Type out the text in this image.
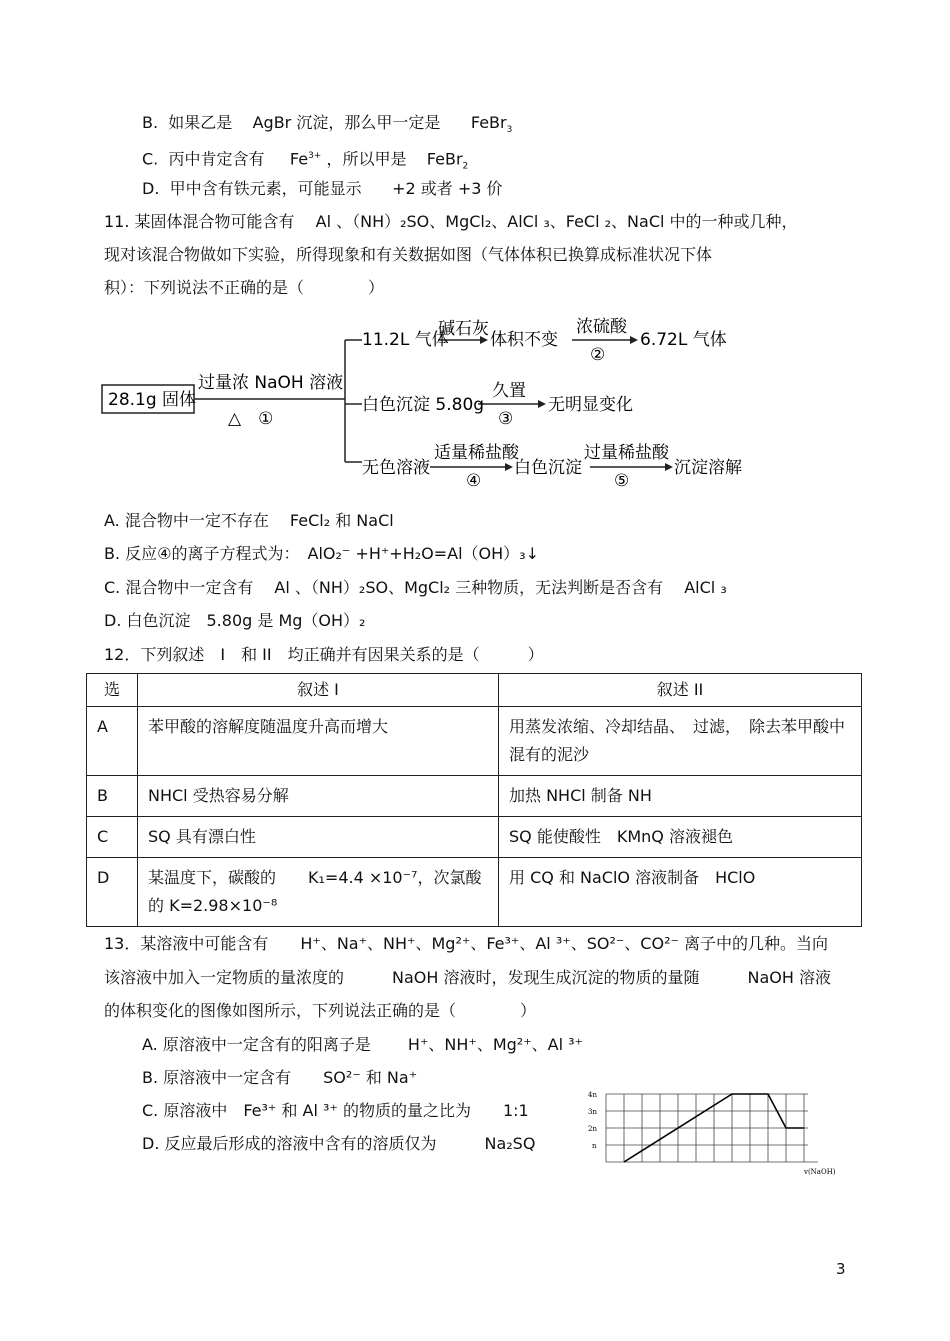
B. 如果乙是 AgBr 沉淀，那么甲一定是 FeBr$_3$
C. 丙中肯定含有 $Fe^{3+}$ ，所以甲是 FeBr$_2$
D. 甲中含有铁元素，可能显示 +2 或者 +3 价
11. 某固体混合物可能含有　 Al 、（NH）₂SO、MgCl₂、AlCl ₃、FeCl ₂、NaCl 中的一种或几种，
现对该混合物做如下实验，所得现象和有关数据如图（气体体积已换算成标准状况下体
积）：下列说法不正确的是（　　　　）
28.1g 固体
过量浓 NaOH 溶液
△　①
11.2L 气体
碱石灰
体积不变
浓硫酸
②
6.72L 气体
白色沉淀 5.80g
久置
③
无明显变化
无色溶液
适量稀盐酸
④
白色沉淀
过量稀盐酸
⑤
沉淀溶解
A. 混合物中一定不存在　 FeCl₂ 和 NaCl
B. 反应④的离子方程式为：　AlO₂⁻ +H⁺+H₂O=Al（OH）₃↓
C. 混合物中一定含有　 Al 、（NH）₂SO、MgCl₂ 三种物质，无法判断是否含有　 AlCl ₃
D. 白色沉淀　5.80g 是 Mg（OH）₂
12．下列叙述　I　和 II　均正确并有因果关系的是（　　　）
选	叙述 I	叙述 II
A	苯甲酸的溶解度随温度升高而增大	用蒸发浓缩、冷却结晶、　过滤，　除去苯甲酸中混有的泥沙
B	NHCl 受热容易分解	加热 NHCl 制备 NH
C	SQ 具有漂白性	SQ 能使酸性　KMnQ 溶液褪色
D	某温度下，碳酸的　　K₁=4.4 ×10⁻⁷，次氯酸的 K=2.98×10⁻⁸	用 CQ 和 NaClO 溶液制备　HClO
13．某溶液中可能含有　　H⁺、Na⁺、NH⁺、Mg²⁺、Fe³⁺、Al ³⁺、SO²⁻、CO²⁻ 离子中的几种。当向
该溶液中加入一定物质的量浓度的　　　NaOH 溶液时，发现生成沉淀的物质的量随　　　NaOH 溶液
的体积变化的图像如图所示，下列说法正确的是（　　　　）
A. 原溶液中一定含有的阳离子是　　 H⁺、NH⁺、Mg²⁺、Al ³⁺
B. 原溶液中一定含有　　SO²⁻ 和 Na⁺
C. 原溶液中　Fe³⁺ 和 Al ³⁺ 的物质的量之比为　　1:1
D. 反应最后形成的溶液中含有的溶质仅为　　　Na₂SQ
4n
3n
2n
n
v(NaOH)
3
